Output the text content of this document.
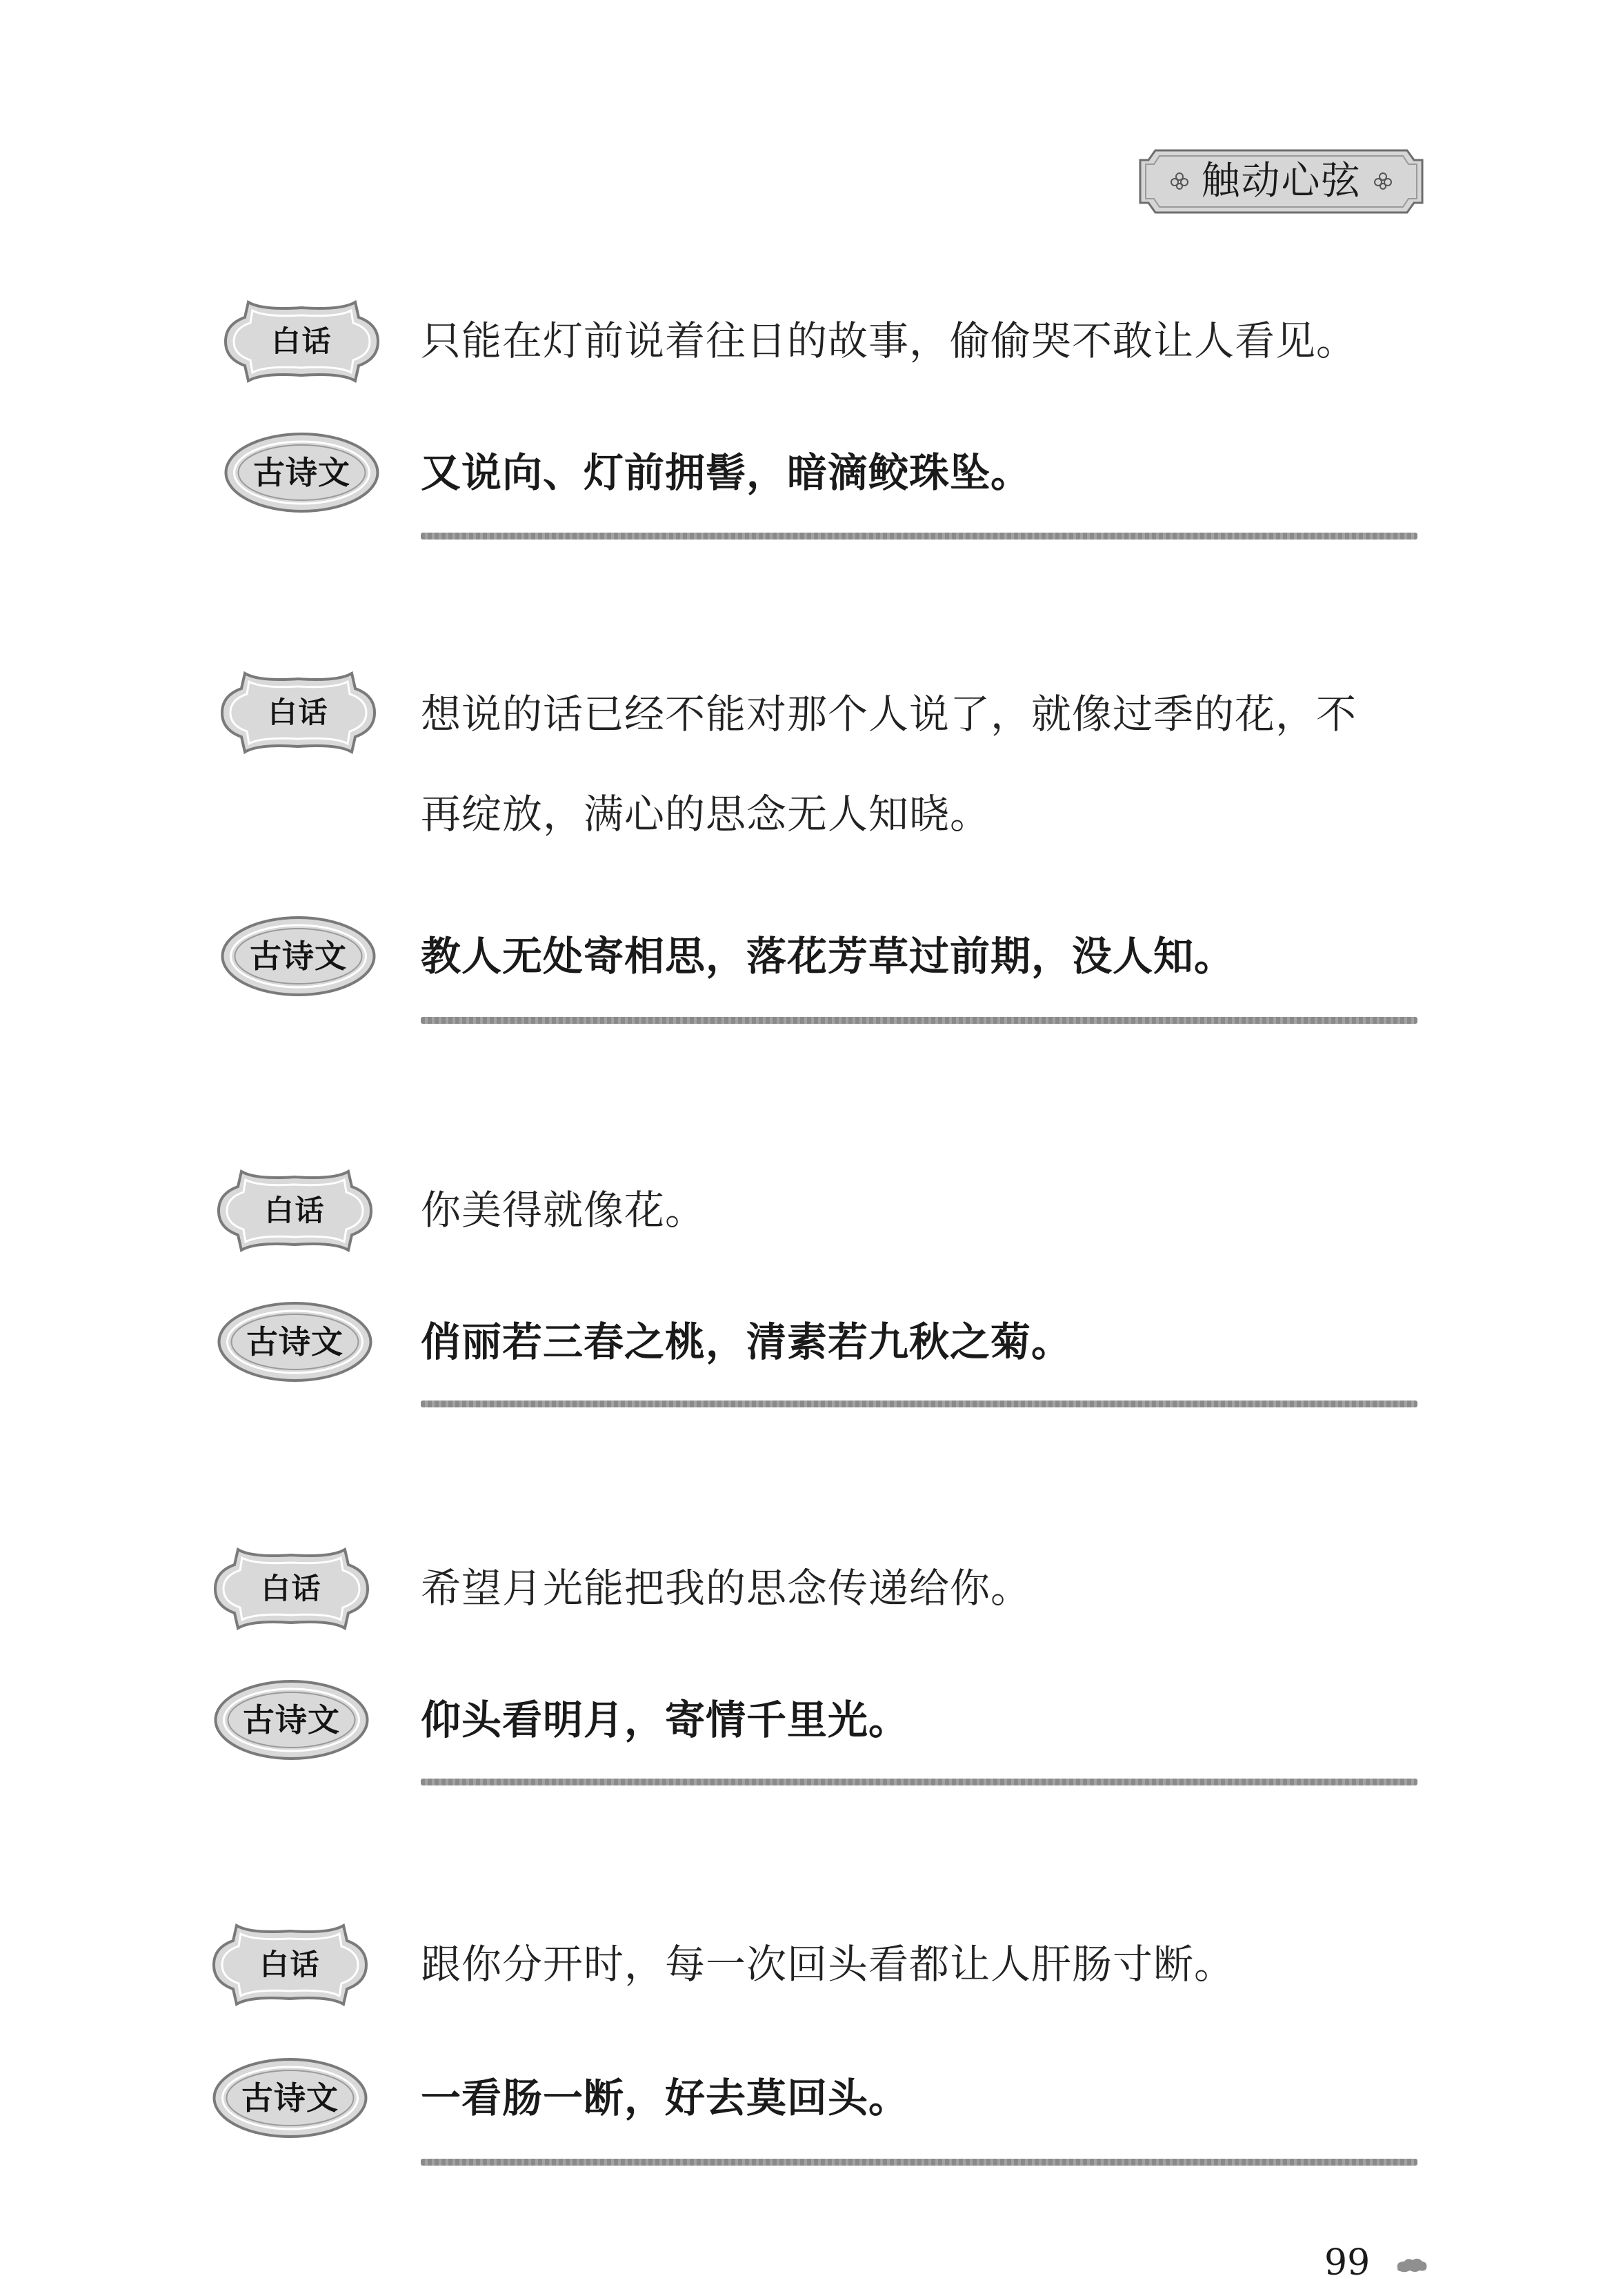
触动心弦
白话	只能在灯前说着往日的故事，偷偷哭不敢让人看见。
古诗文	又说向、灯前拥髻，暗滴鲛珠坠。
白话	想说的话已经不能对那个人说了，就像过季的花，不
再绽放，满心的思念无人知晓。
古诗文	教人无处寄相思，落花芳草过前期，没人知。
白话	你美得就像花。
古诗文	俏丽若三春之桃，清素若九秋之菊。
白话	希望月光能把我的思念传递给你。
古诗文	仰头看明月，寄情千里光。
白话	跟你分开时，每一次回头看都让人肝肠寸断。
古诗文	一看肠一断，好去莫回头。
99
